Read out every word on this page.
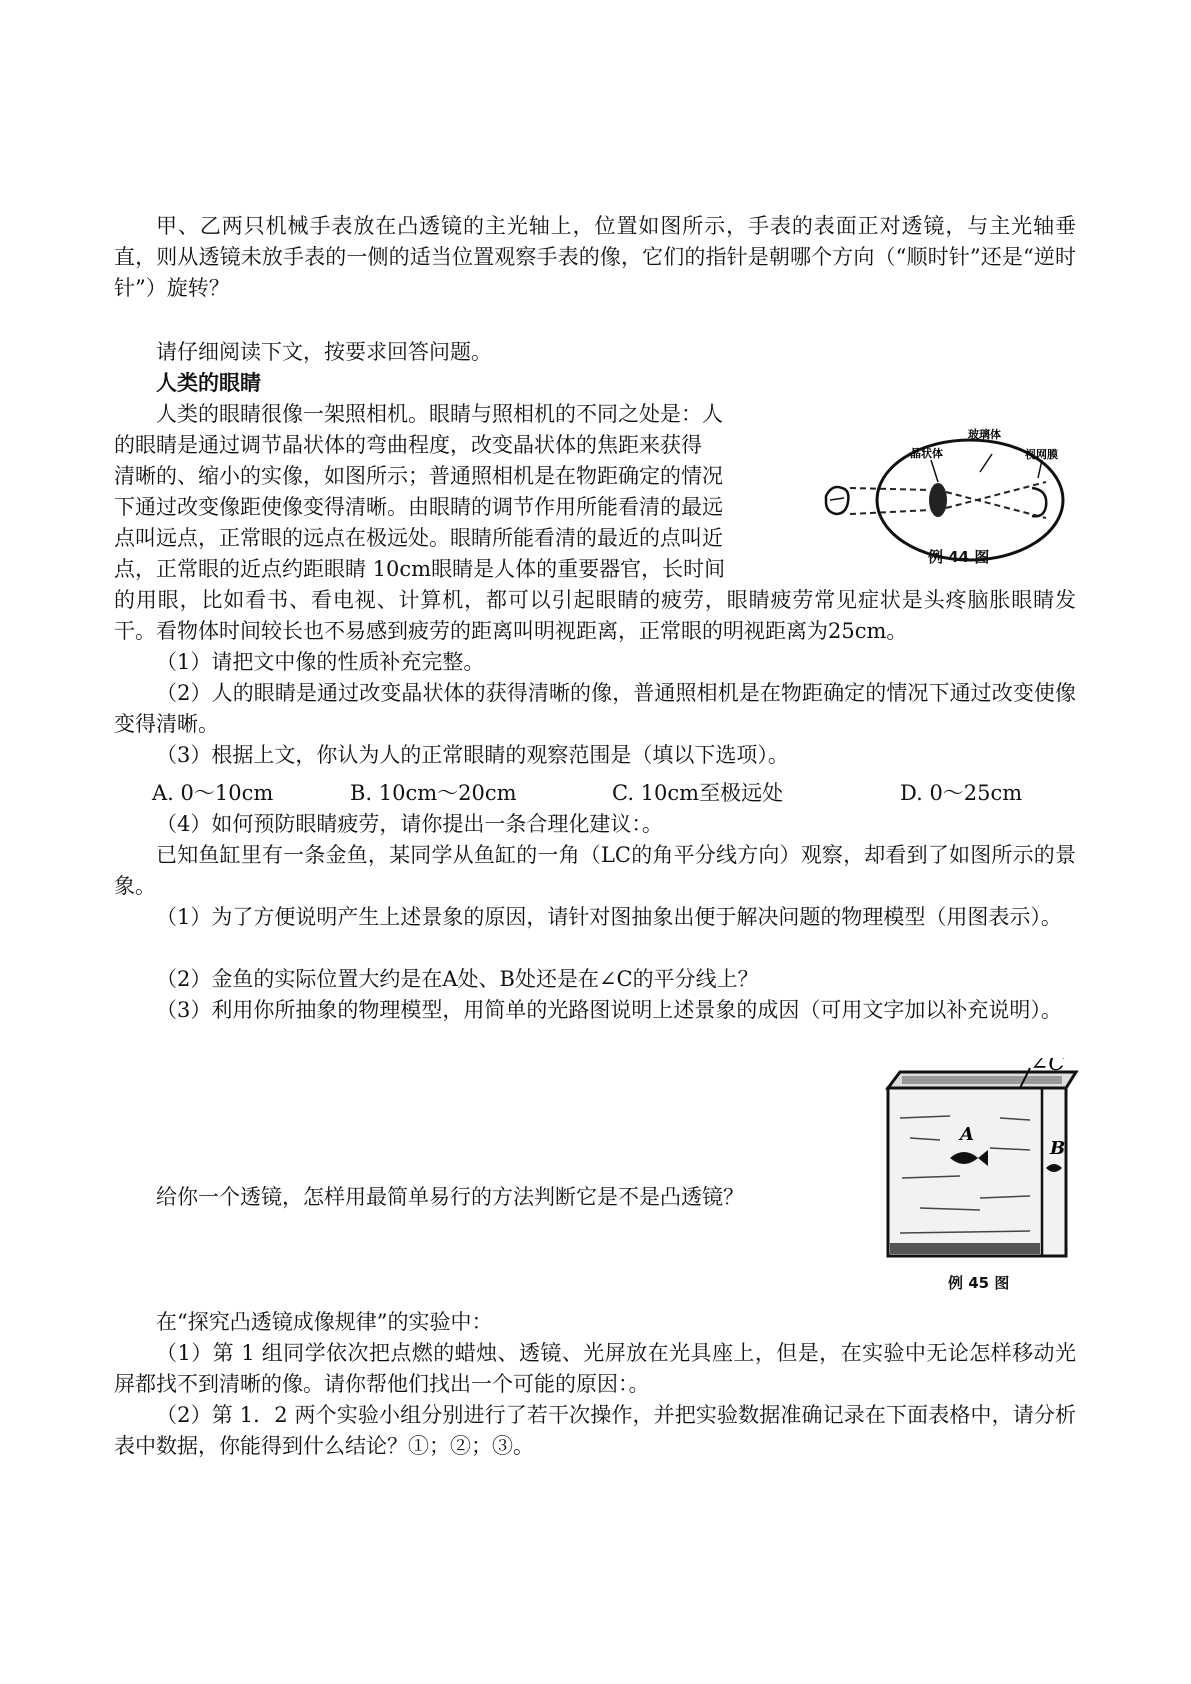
甲、乙两只机械手表放在凸透镜的主光轴上，位置如图所示，手表的表面正对透镜，与主光轴垂直，则从透镜未放手表的一侧的适当位置观察手表的像，它们的指针是朝哪个方向（“顺时针”还是“逆时针”）旋转？

请仔细阅读下文，按要求回答问题。

人类的眼睛

人类的眼睛很像一架照相机。眼睛与照相机的不同之处是：人

的眼睛是通过调节晶状体的弯曲程度，改变晶状体的焦距来获得

清晰的、缩小的实像，如图所示；普通照相机是在物距确定的情况

下通过改变像距使像变得清晰。由眼睛的调节作用所能看清的最远

点叫远点，正常眼的远点在极远处。眼睛所能看清的最近的点叫近

点，正常眼的近点约距眼睛 10cm眼睛是人体的重要器官，长时间

的用眼，比如看书、看电视、计算机，都可以引起眼睛的疲劳，眼睛疲劳常见症状是头疼脑胀眼睛发干。看物体时间较长也不易感到疲劳的距离叫明视距离，正常眼的明视距离为25cm。

玻璃体
晶状体	视网膜
例 44 图

（1）请把文中像的性质补充完整。

（2）人的眼睛是通过改变晶状体的获得清晰的像，普通照相机是在物距确定的情况下通过改变使像变得清晰。

（3）根据上文，你认为人的正常眼睛的观察范围是（填以下选项）。

A. 0～10cm	B. 10cm～20cm	C. 10cm至极远处	D. 0～25cm

（4）如何预防眼睛疲劳，请你提出一条合理化建议：。

已知鱼缸里有一条金鱼，某同学从鱼缸的一角（LC的角平分线方向）观察，却看到了如图所示的景象。

（1）为了方便说明产生上述景象的原因，请针对图抽象出便于解决问题的物理模型（用图表示）。

（2）金鱼的实际位置大约是在A处、B处还是在∠C的平分线上？

（3）利用你所抽象的物理模型，用简单的光路图说明上述景象的成因（可用文字加以补充说明）。

∠C
A
B
例 45 图

给你一个透镜，怎样用最简单易行的方法判断它是不是凸透镜？

在“探究凸透镜成像规律”的实验中：

（1）第 1 组同学依次把点燃的蜡烛、透镜、光屏放在光具座上，但是，在实验中无论怎样移动光屏都找不到清晰的像。请你帮他们找出一个可能的原因：。

（2）第 1．2 两个实验小组分别进行了若干次操作，并把实验数据准确记录在下面表格中，请分析表中数据，你能得到什么结论？①；②；③。
